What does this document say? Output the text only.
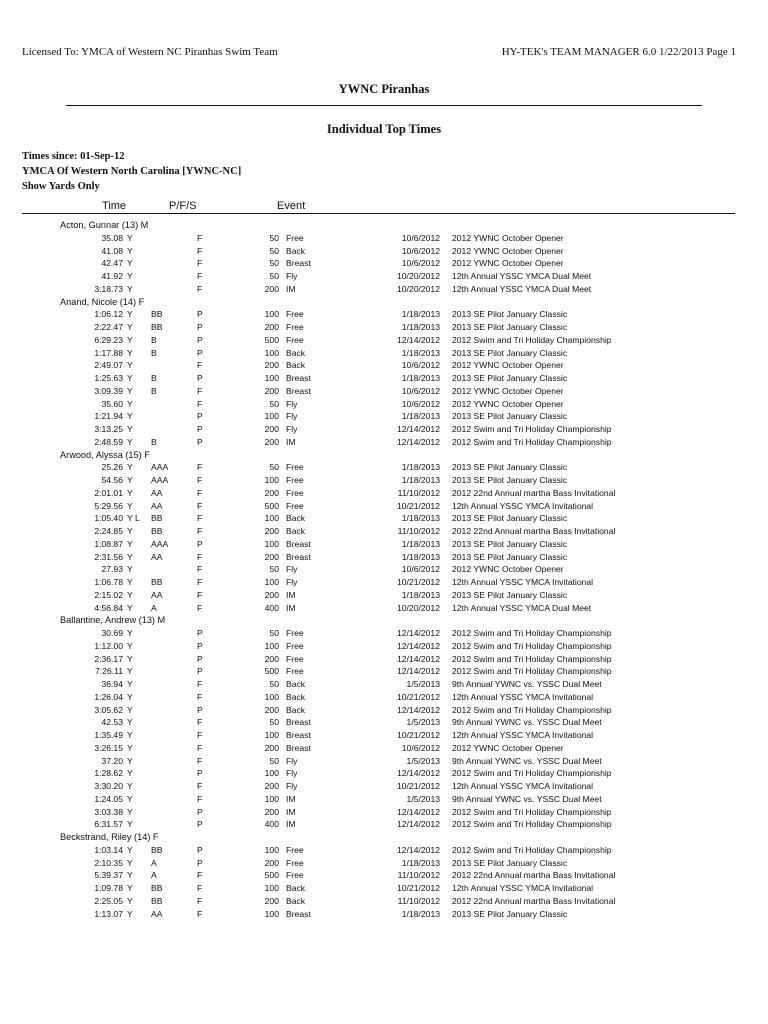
Licensed To: YMCA of Western NC Piranhas Swim Team	HY-TEK's TEAM MANAGER 6.0 1/22/2013 Page 1
YWNC Piranhas
Individual Top Times
Times since: 01-Sep-12
YMCA Of Western North Carolina [YWNC-NC]
Show Yards Only
Time	P/F/S	Event
Acton, Gunnar (13) M
35.08 Y	F	50 Free	10/6/2012 2012 YWNC October Opener
41.08 Y	F	50 Back	10/6/2012 2012 YWNC October Opener
42.47 Y	F	50 Breast	10/6/2012 2012 YWNC October Opener
41.92 Y	F	50 Fly	10/20/2012 12th Annual YSSC YMCA Dual Meet
3:18.73 Y	F	200 IM	10/20/2012 12th Annual YSSC YMCA Dual Meet
Anand, Nicole (14) F
1:06.12 Y BB	P	100 Free	1/18/2013 2013 SE Pilot January Classic
2:22.47 Y BB	P	200 Free	1/18/2013 2013 SE Pilot January Classic
6:29.23 Y B	P	500 Free	12/14/2012 2012 Swim and Tri Holiday Championship
1:17.88 Y B	P	100 Back	1/18/2013 2013 SE Pilot January Classic
2:49.07 Y	F	200 Back	10/6/2012 2012 YWNC October Opener
1:25.63 Y B	P	100 Breast	1/18/2013 2013 SE Pilot January Classic
3:09.39 Y B	F	200 Breast	10/6/2012 2012 YWNC October Opener
35.60 Y	F	50 Fly	10/6/2012 2012 YWNC October Opener
1:21.94 Y	P	100 Fly	1/18/2013 2013 SE Pilot January Classic
3:13.25 Y	P	200 Fly	12/14/2012 2012 Swim and Tri Holiday Championship
2:48.59 Y B	P	200 IM	12/14/2012 2012 Swim and Tri Holiday Championship
Arwood, Alyssa (15) F
25.26 Y AAA	F	50 Free	1/18/2013 2013 SE Pilot January Classic
54.56 Y AAA	F	100 Free	1/18/2013 2013 SE Pilot January Classic
2:01.01 Y AA	F	200 Free	11/10/2012 2012 22nd Annual martha Bass Invitational
5:29.56 Y AA	F	500 Free	10/21/2012 12th Annual YSSC YMCA Invitational
1:05.40 Y L BB	F	100 Back	1/18/2013 2013 SE Pilot January Classic
2:24.85 Y BB	F	200 Back	11/10/2012 2012 22nd Annual martha Bass Invitational
1:08.87 Y AAA	P	100 Breast	1/18/2013 2013 SE Pilot January Classic
2:31.56 Y AA	F	200 Breast	1/18/2013 2013 SE Pilot January Classic
27.93 Y	F	50 Fly	10/6/2012 2012 YWNC October Opener
1:06.78 Y BB	F	100 Fly	10/21/2012 12th Annual YSSC YMCA Invitational
2:15.02 Y AA	F	200 IM	1/18/2013 2013 SE Pilot January Classic
4:56.84 Y A	F	400 IM	10/20/2012 12th Annual YSSC YMCA Dual Meet
Ballantine, Andrew (13) M
30.69 Y	P	50 Free	12/14/2012 2012 Swim and Tri Holiday Championship
1:12.00 Y	P	100 Free	12/14/2012 2012 Swim and Tri Holiday Championship
2:36.17 Y	P	200 Free	12/14/2012 2012 Swim and Tri Holiday Championship
7:26.11 Y	P	500 Free	12/14/2012 2012 Swim and Tri Holiday Championship
36.94 Y	F	50 Back	1/5/2013 9th Annual YWNC vs. YSSC Dual Meet
1:26.04 Y	F	100 Back	10/21/2012 12th Annual YSSC YMCA Invitational
3:05.62 Y	P	200 Back	12/14/2012 2012 Swim and Tri Holiday Championship
42.53 Y	F	50 Breast	1/5/2013 9th Annual YWNC vs. YSSC Dual Meet
1:35.49 Y	F	100 Breast	10/21/2012 12th Annual YSSC YMCA Invitational
3:26.15 Y	F	200 Breast	10/6/2012 2012 YWNC October Opener
37.20 Y	F	50 Fly	1/5/2013 9th Annual YWNC vs. YSSC Dual Meet
1:28.62 Y	P	100 Fly	12/14/2012 2012 Swim and Tri Holiday Championship
3:30.20 Y	F	200 Fly	10/21/2012 12th Annual YSSC YMCA Invitational
1:24.05 Y	F	100 IM	1/5/2013 9th Annual YWNC vs. YSSC Dual Meet
3:03.38 Y	P	200 IM	12/14/2012 2012 Swim and Tri Holiday Championship
6:31.57 Y	P	400 IM	12/14/2012 2012 Swim and Tri Holiday Championship
Beckstrand, Riley (14) F
1:03.14 Y BB	P	100 Free	12/14/2012 2012 Swim and Tri Holiday Championship
2:10.35 Y A	P	200 Free	1/18/2013 2013 SE Pilot January Classic
5:39.37 Y A	F	500 Free	11/10/2012 2012 22nd Annual martha Bass Invitational
1:09.78 Y BB	F	100 Back	10/21/2012 12th Annual YSSC YMCA Invitational
2:25.05 Y BB	F	200 Back	11/10/2012 2012 22nd Annual martha Bass Invitational
1:13.07 Y AA	F	100 Breast	1/18/2013 2013 SE Pilot January Classic
